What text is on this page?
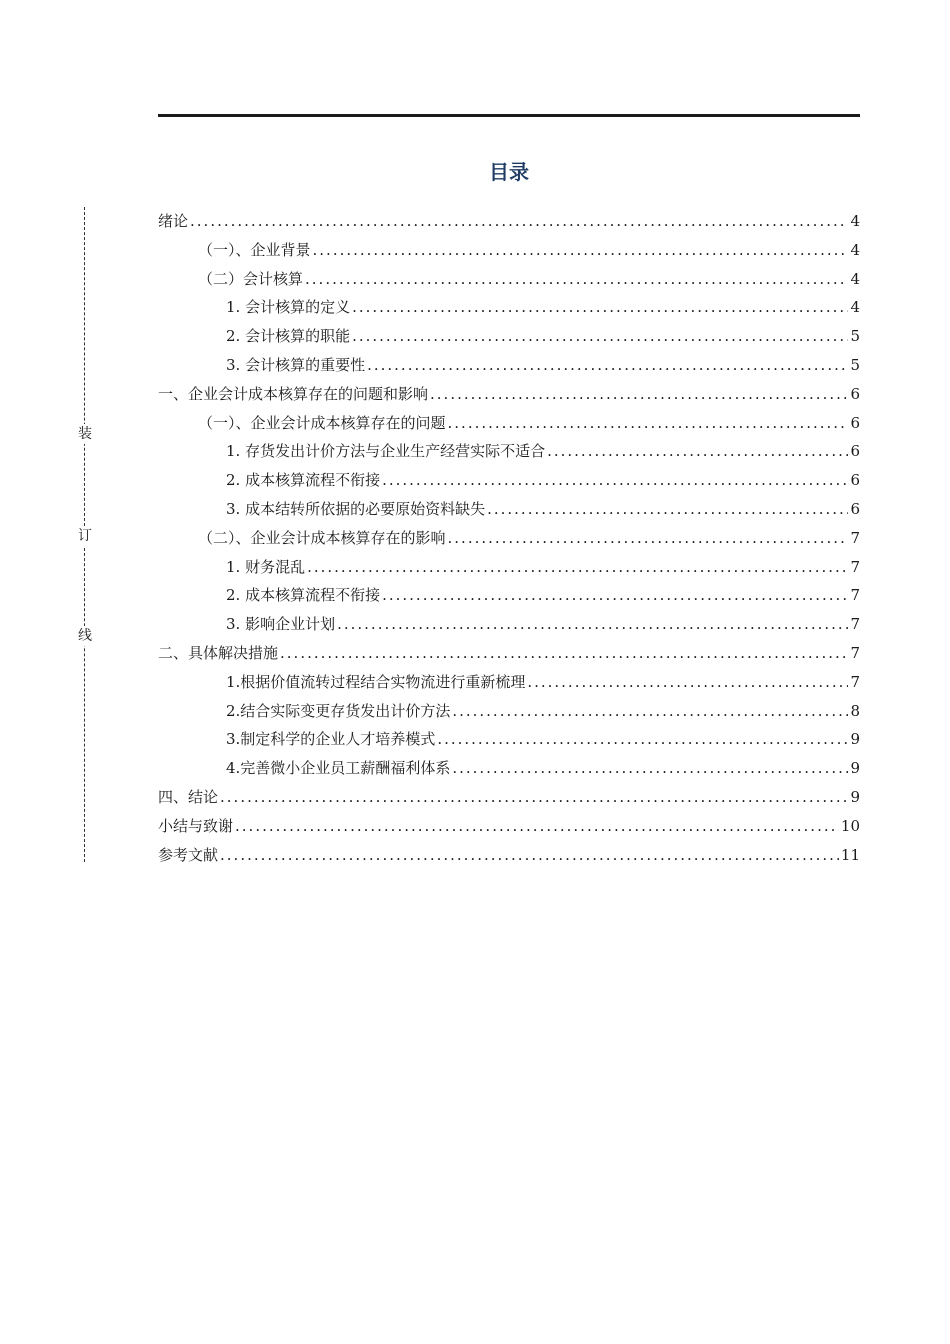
目录
装
订
线
绪论 .....	4
（一）、企业背景 .....	4
（二）会计核算 .....	4
1. 会计核算的定义 .....	4
2. 会计核算的职能 .....	5
3. 会计核算的重要性 .....	5
一、企业会计成本核算存在的问题和影响 .....	6
（一）、企业会计成本核算存在的问题 .....	6
1. 存货发出计价方法与企业生产经营实际不适合 .....	6
2. 成本核算流程不衔接 .....	6
3. 成本结转所依据的必要原始资料缺失 .....	6
（二）、企业会计成本核算存在的影响 .....	7
1. 财务混乱 .....	7
2. 成本核算流程不衔接 .....	7
3. 影响企业计划 .....	7
二、具体解决措施 .....	7
1.根据价值流转过程结合实物流进行重新梳理 .....	7
2.结合实际变更存货发出计价方法 .....	8
3.制定科学的企业人才培养模式 .....	9
4.完善微小企业员工薪酬福利体系 .....	9
四、结论 .....	9
小结与致谢 .....	10
参考文献 .....	11
